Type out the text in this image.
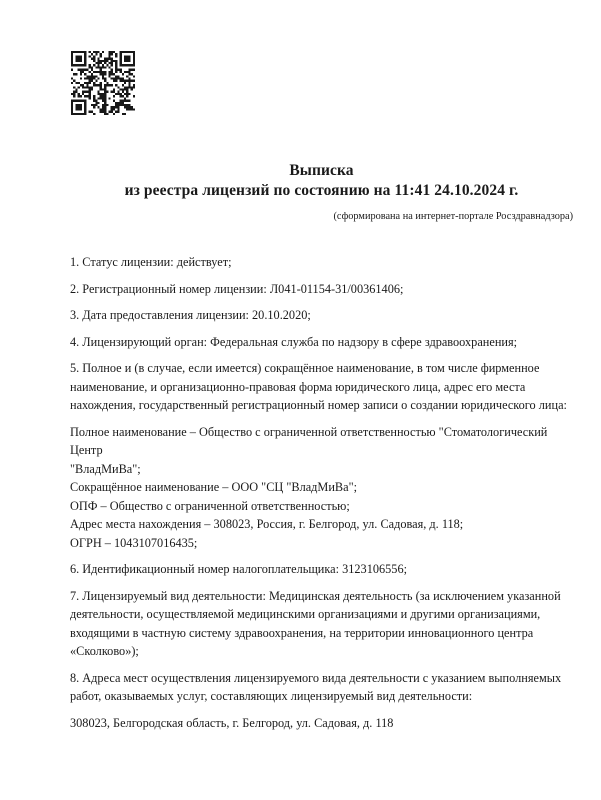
Выписка
из реестра лицензий по состоянию на 11:41 24.10.2024 г.
(сформирована на интернет-портале Росздравнадзора)

1. Статус лицензии: действует;

2. Регистрационный номер лицензии: Л041-01154-31/00361406;

3. Дата предоставления лицензии: 20.10.2020;

4. Лицензирующий орган: Федеральная служба по надзору в сфере здравоохранения;

5. Полное и (в случае, если имеется) сокращённое наименование, в том числе фирменное
наименование, и организационно-правовая форма юридического лица, адрес его места
нахождения, государственный регистрационный номер записи о создании юридического лица:

Полное наименование – Общество с ограниченной ответственностью "Стоматологический Центр
"ВладМиВа";
Сокращённое наименование – ООО "СЦ "ВладМиВа";
ОПФ – Общество с ограниченной ответственностью;
Адрес места нахождения – 308023, Россия, г. Белгород, ул. Садовая, д. 118;
ОГРН – 1043107016435;

6. Идентификационный номер налогоплательщика: 3123106556;

7. Лицензируемый вид деятельности: Медицинская деятельность (за исключением указанной
деятельности, осуществляемой медицинскими организациями и другими организациями,
входящими в частную систему здравоохранения, на территории инновационного центра
«Сколково»);

8. Адреса мест осуществления лицензируемого вида деятельности с указанием выполняемых
работ, оказываемых услуг, составляющих лицензируемый вид деятельности:

308023, Белгородская область, г. Белгород, ул. Садовая, д. 118
